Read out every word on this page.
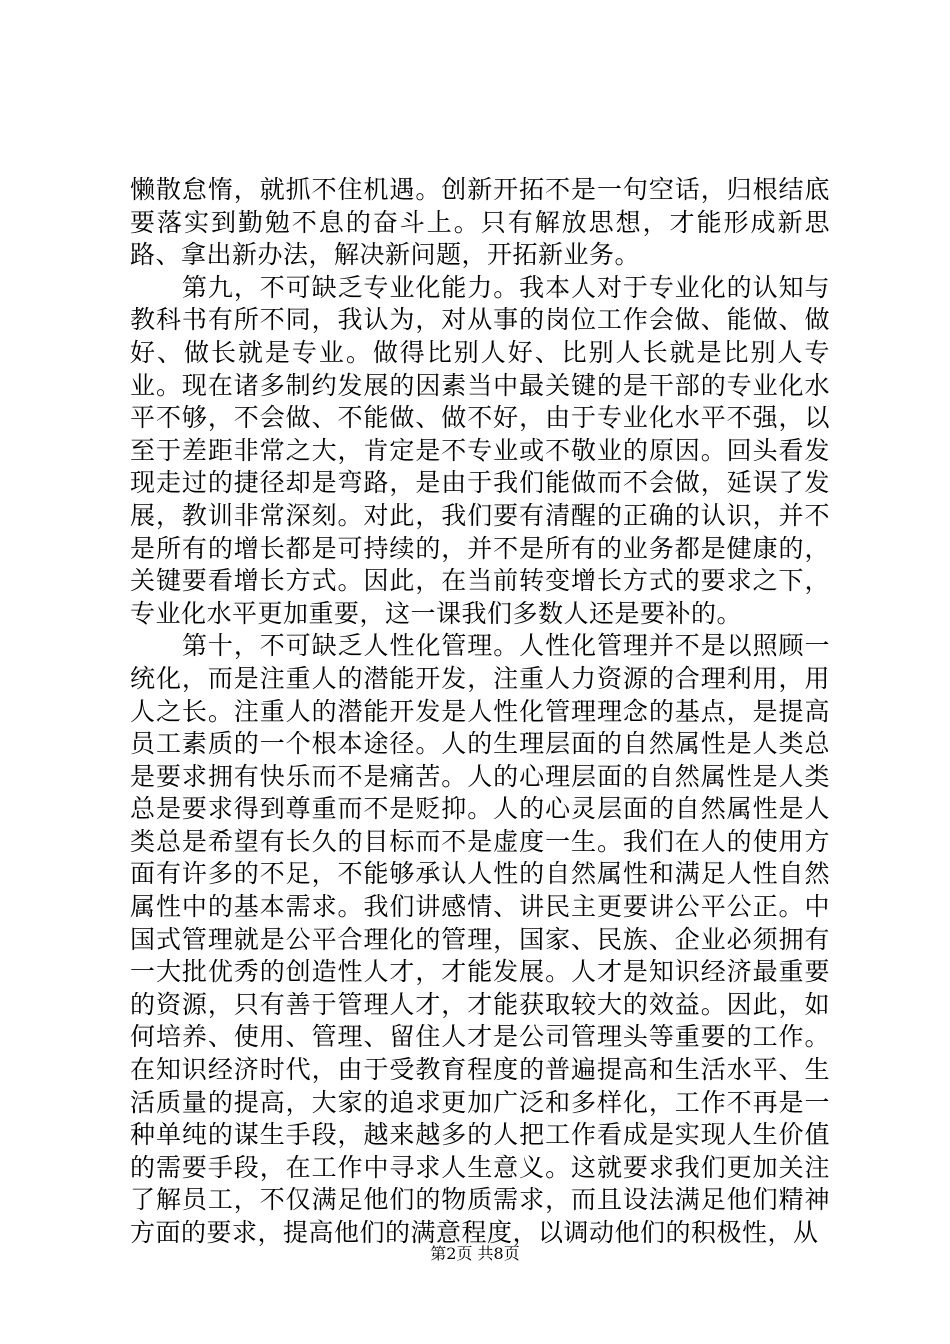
懒散怠惰，就抓不住机遇。创新开拓不是一句空话，归根结底要落实到勤勉不息的奋斗上。只有解放思想，才能形成新思路、拿出新办法，解决新问题，开拓新业务。

第九，不可缺乏专业化能力。我本人对于专业化的认知与教科书有所不同，我认为，对从事的岗位工作会做、能做、做好、做长就是专业。做得比别人好、比别人长就是比别人专业。现在诸多制约发展的因素当中最关键的是干部的专业化水平不够，不会做、不能做、做不好，由于专业化水平不强，以至于差距非常之大，肯定是不专业或不敬业的原因。回头看发现走过的捷径却是弯路，是由于我们能做而不会做，延误了发展，教训非常深刻。对此，我们要有清醒的正确的认识，并不是所有的增长都是可持续的，并不是所有的业务都是健康的，关键要看增长方式。因此，在当前转变增长方式的要求之下，专业化水平更加重要，这一课我们多数人还是要补的。

第十，不可缺乏人性化管理。人性化管理并不是以照顾一统化，而是注重人的潜能开发，注重人力资源的合理利用，用人之长。注重人的潜能开发是人性化管理理念的基点，是提高员工素质的一个根本途径。人的生理层面的自然属性是人类总是要求拥有快乐而不是痛苦。人的心理层面的自然属性是人类总是要求得到尊重而不是贬抑。人的心灵层面的自然属性是人类总是希望有长久的目标而不是虚度一生。我们在人的使用方面有许多的不足，不能够承认人性的自然属性和满足人性自然属性中的基本需求。我们讲感情、讲民主更要讲公平公正。中国式管理就是公平合理化的管理，国家、民族、企业必须拥有一大批优秀的创造性人才，才能发展。人才是知识经济最重要的资源，只有善于管理人才，才能获取较大的效益。因此，如何培养、使用、管理、留住人才是公司管理头等重要的工作。在知识经济时代，由于受教育程度的普遍提高和生活水平、生活质量的提高，大家的追求更加广泛和多样化，工作不再是一种单纯的谋生手段，越来越多的人把工作看成是实现人生价值的需要手段，在工作中寻求人生意义。这就要求我们更加关注了解员工，不仅满足他们的物质需求，而且设法满足他们精神方面的要求，提高他们的满意程度，以调动他们的积极性，从

第2页 共8页
